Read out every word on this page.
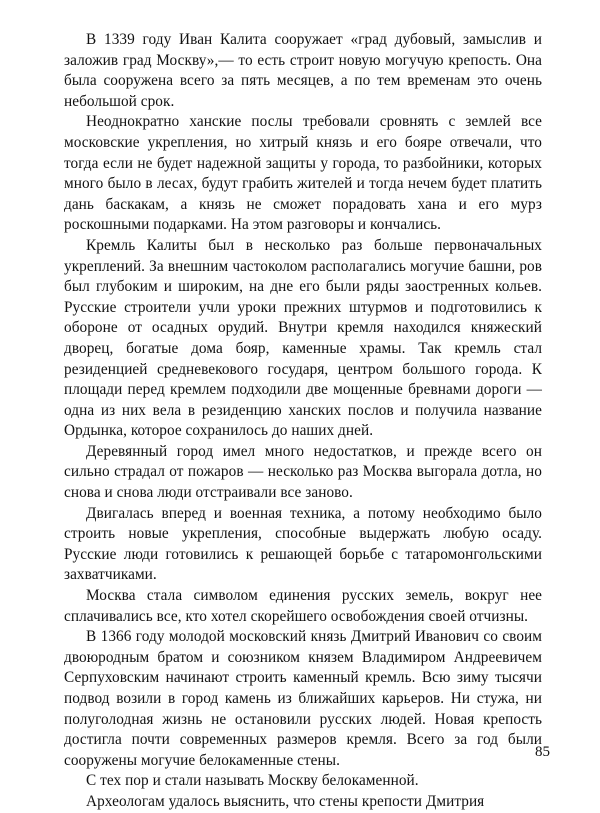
В 1339 году Иван Калита сооружает «град дубовый, замыслив и заложив град Москву»,— то есть строит новую могучую крепость. Она была сооружена всего за пять месяцев, а по тем временам это очень небольшой срок.

Неоднократно ханские послы требовали сровнять с землей все московские укрепления, но хитрый князь и его бояре отвечали, что тогда если не будет надежной защиты у города, то разбойники, которых много было в лесах, будут грабить жителей и тогда нечем будет платить дань баскакам, а князь не сможет порадовать хана и его мурз роскошными подарками. На этом разговоры и кончались.

Кремль Калиты был в несколько раз больше первоначальных укреплений. За внешним частоколом располагались могучие башни, ров был глубоким и широким, на дне его были ряды заостренных кольев. Русские строители учли уроки прежних штурмов и подготовились к обороне от осадных орудий. Внутри кремля находился княжеский дворец, богатые дома бояр, каменные храмы. Так кремль стал резиденцией средневекового государя, центром большого города. К площади перед кремлем подходили две мощенные бревнами дороги — одна из них вела в резиденцию ханских послов и получила название Ордынка, которое сохранилось до наших дней.

Деревянный город имел много недостатков, и прежде всего он сильно страдал от пожаров — несколько раз Москва выгорала дотла, но снова и снова люди отстраивали все заново.

Двигалась вперед и военная техника, а потому необходимо было строить новые укрепления, способные выдержать любую осаду. Русские люди готовились к решающей борьбе с татаромонгольскими захватчиками.

Москва стала символом единения русских земель, вокруг нее сплачивались все, кто хотел скорейшего освобождения своей отчизны.

В 1366 году молодой московский князь Дмитрий Иванович со своим двоюродным братом и союзником князем Владимиром Андреевичем Серпуховским начинают строить каменный кремль. Всю зиму тысячи подвод возили в город камень из ближайших карьеров. Ни стужа, ни полуголодная жизнь не остановили русских людей. Новая крепость достигла почти современных размеров кремля. Всего за год были сооружены могучие белокаменные стены.

С тех пор и стали называть Москву белокаменной.

Археологам удалось выяснить, что стены крепости Дмитрия

85
